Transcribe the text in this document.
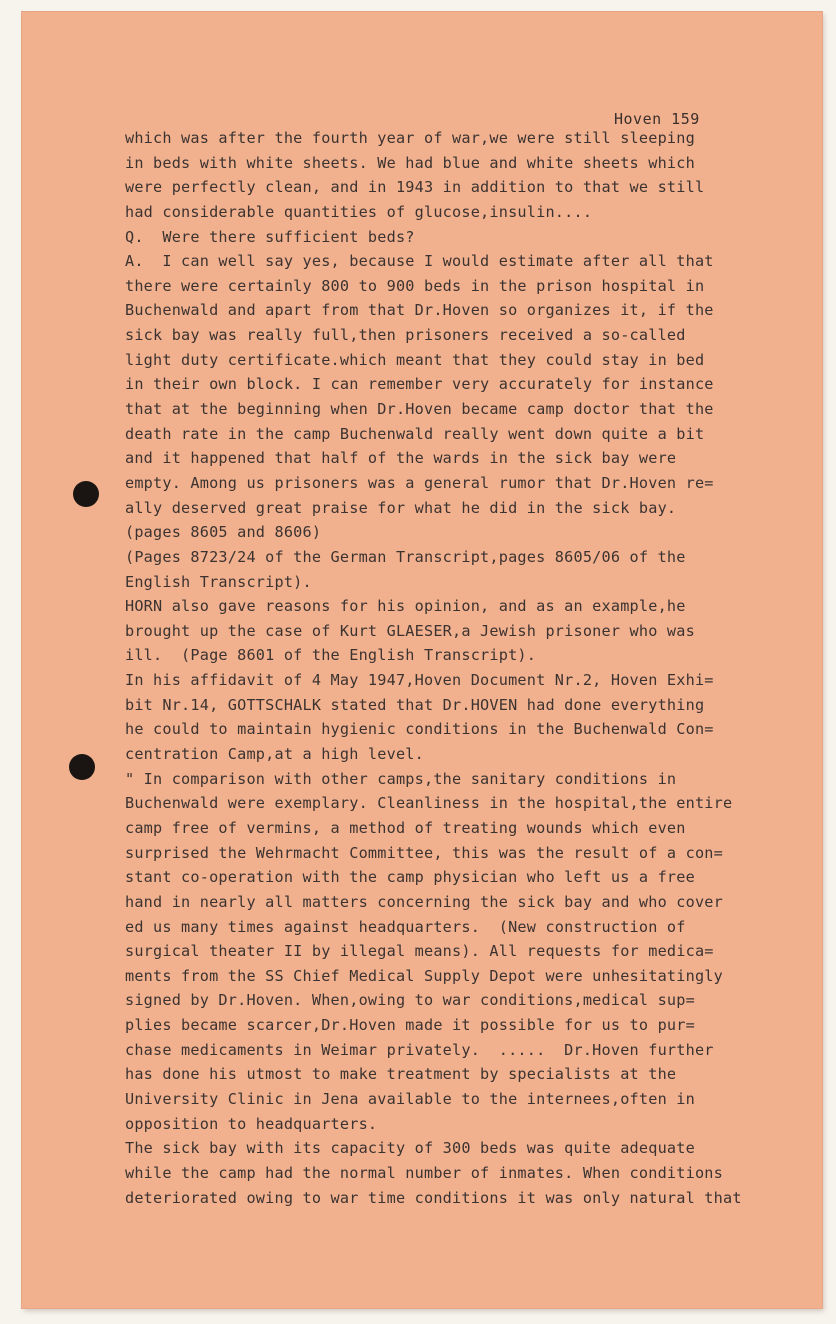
Hoven 159
which was after the fourth year of war,we were still sleeping
in beds with white sheets. We had blue and white sheets which
were perfectly clean, and in 1943 in addition to that we still
had considerable quantities of glucose,insulin....
Q.  Were there sufficient beds?
A.  I can well say yes, because I would estimate after all that
there were certainly 800 to 900 beds in the prison hospital in
Buchenwald and apart from that Dr.Hoven so organizes it, if the
sick bay was really full,then prisoners received a so-called
light duty certificate.which meant that they could stay in bed
in their own block. I can remember very accurately for instance
that at the beginning when Dr.Hoven became camp doctor that the
death rate in the camp Buchenwald really went down quite a bit
and it happened that half of the wards in the sick bay were
empty. Among us prisoners was a general rumor that Dr.Hoven re=
ally deserved great praise for what he did in the sick bay.
(pages 8605 and 8606)
(Pages 8723/24 of the German Transcript,pages 8605/06 of the
English Transcript).
HORN also gave reasons for his opinion, and as an example,he
brought up the case of Kurt GLAESER,a Jewish prisoner who was
ill.  (Page 8601 of the English Transcript).
In his affidavit of 4 May 1947,Hoven Document Nr.2, Hoven Exhi=
bit Nr.14, GOTTSCHALK stated that Dr.HOVEN had done everything
he could to maintain hygienic conditions in the Buchenwald Con=
centration Camp,at a high level.
" In comparison with other camps,the sanitary conditions in
Buchenwald were exemplary. Cleanliness in the hospital,the entire
camp free of vermins, a method of treating wounds which even
surprised the Wehrmacht Committee, this was the result of a con=
stant co-operation with the camp physician who left us a free
hand in nearly all matters concerning the sick bay and who cover
ed us many times against headquarters.  (New construction of
surgical theater II by illegal means). All requests for medica=
ments from the SS Chief Medical Supply Depot were unhesitatingly
signed by Dr.Hoven. When,owing to war conditions,medical sup=
plies became scarcer,Dr.Hoven made it possible for us to pur=
chase medicaments in Weimar privately.  .....  Dr.Hoven further
has done his utmost to make treatment by specialists at the
University Clinic in Jena available to the internees,often in
opposition to headquarters.
The sick bay with its capacity of 300 beds was quite adequate
while the camp had the normal number of inmates. When conditions
deteriorated owing to war time conditions it was only natural that
